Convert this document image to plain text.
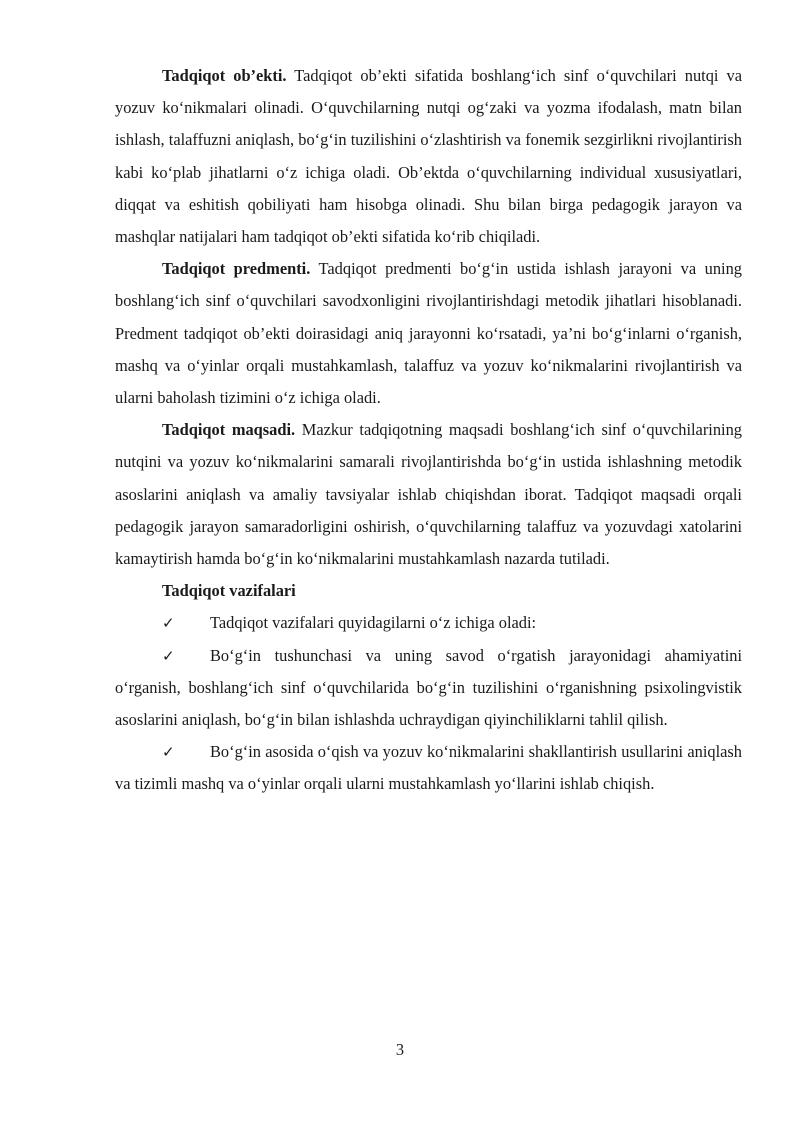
Tadqiqot ob’ekti. Tadqiqot ob’ekti sifatida boshlang‘ich sinf o‘quvchilari nutqi va yozuv ko‘nikmalari olinadi. O‘quvchilarning nutqi og‘zaki va yozma ifodalash, matn bilan ishlash, talaffuzni aniqlash, bo‘g‘in tuzilishini o‘zlashtirish va fonemik sezgirlikni rivojlantirish kabi ko‘plab jihatlarni o‘z ichiga oladi. Ob’ektda o‘quvchilarning individual xususiyatlari, diqqat va eshitish qobiliyati ham hisobga olinadi. Shu bilan birga pedagogik jarayon va mashqlar natijalari ham tadqiqot ob’ekti sifatida ko‘rib chiqiladi.

Tadqiqot predmenti. Tadqiqot predmenti bo‘g‘in ustida ishlash jarayoni va uning boshlang‘ich sinf o‘quvchilari savodxonligini rivojlantirishdagi metodik jihatlari hisoblanadi. Predment tadqiqot ob’ekti doirasidagi aniq jarayonni ko‘rsatadi, ya’ni bo‘g‘inlarni o‘rganish, mashq va o‘yinlar orqali mustahkamlash, talaffuz va yozuv ko‘nikmalarini rivojlantirish va ularni baholash tizimini o‘z ichiga oladi.

Tadqiqot maqsadi. Mazkur tadqiqotning maqsadi boshlang‘ich sinf o‘quvchilarining nutqini va yozuv ko‘nikmalarini samarali rivojlantirishda bo‘g‘in ustida ishlashning metodik asoslarini aniqlash va amaliy tavsiyalar ishlab chiqishdan iborat. Tadqiqot maqsadi orqali pedagogik jarayon samaradorligini oshirish, o‘quvchilarning talaffuz va yozuvdagi xatolarini kamaytirish hamda bo‘g‘in ko‘nikmalarini mustahkamlash nazarda tutiladi.

Tadqiqot vazifalari

✓ Tadqiqot vazifalari quyidagilarni o‘z ichiga oladi:

✓ Bo‘g‘in tushunchasi va uning savod o‘rgatish jarayonidagi ahamiyatini o‘rganish, boshlang‘ich sinf o‘quvchilarida bo‘g‘in tuzilishini o‘rganishning psixolingvistik asoslarini aniqlash, bo‘g‘in bilan ishlashda uchraydigan qiyinchiliklarni tahlil qilish.

✓ Bo‘g‘in asosida o‘qish va yozuv ko‘nikmalarini shakllantirish usullarini aniqlash va tizimli mashq va o‘yinlar orqali ularni mustahkamlash yo‘llarini ishlab chiqish.

3
